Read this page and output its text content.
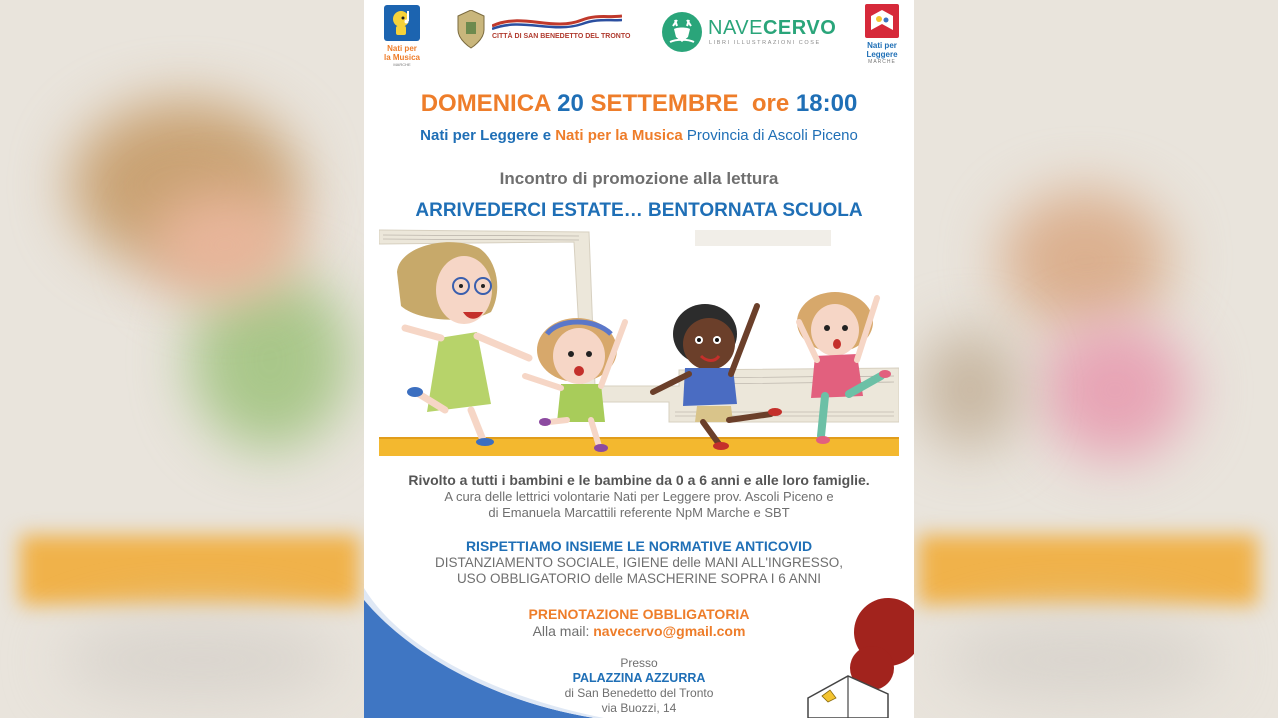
Nati per
la Musica
MARCHE
CITTÀ DI SAN BENEDETTO DEL TRONTO	NAVECERVO
LIBRI ILLUSTRAZIONI COSE	Nati per
Leggere
MARCHE
DOMENICA 20 SETTEMBRE ore 18:00
Nati per Leggere e Nati per la Musica Provincia di Ascoli Piceno
Incontro di promozione alla lettura
ARRIVEDERCI ESTATE… BENTORNATA SCUOLA
Rivolto a tutti i bambini e le bambine da 0 a 6 anni e alle loro famiglie.
A cura delle lettrici volontarie Nati per Leggere prov. Ascoli Piceno e
di Emanuela Marcattili referente NpM Marche e SBT
RISPETTIAMO INSIEME LE NORMATIVE ANTICOVID
DISTANZIAMENTO SOCIALE, IGIENE delle MANI ALL'INGRESSO,
USO OBBLIGATORIO delle MASCHERINE SOPRA I 6 ANNI
PRENOTAZIONE OBBLIGATORIA
Alla mail: navecervo@gmail.com
Presso
PALAZZINA AZZURRA
di San Benedetto del Tronto
via Buozzi, 14
